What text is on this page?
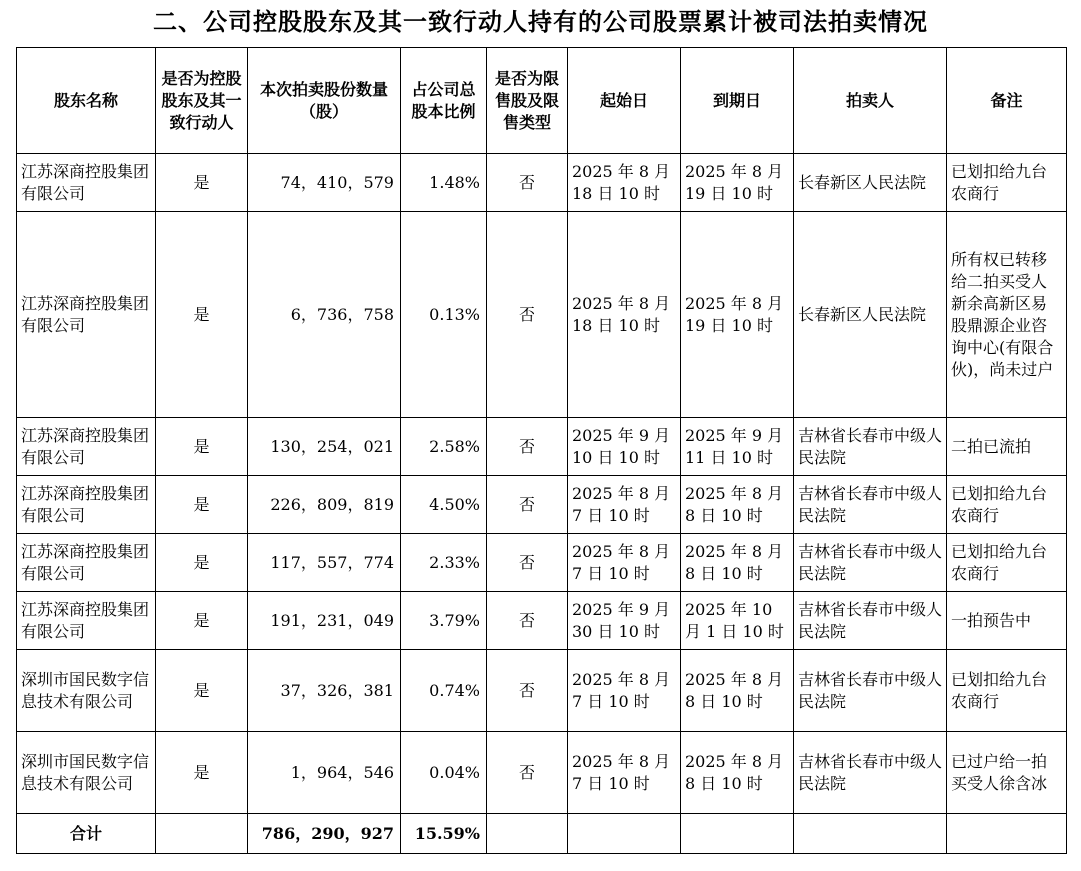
二、公司控股股东及其一致行动人持有的公司股票累计被司法拍卖情况
股东名称	是否为控股股东及其一致行动人	本次拍卖股份数量（股）	占公司总股本比例	是否为限售股及限售类型	起始日	到期日	拍卖人	备注
江苏深商控股集团有限公司	是	74，410，579	1.48%	否	2025 年 8 月 18 日 10 时	2025 年 8 月 19 日 10 时	长春新区人民法院	已划扣给九台农商行
江苏深商控股集团有限公司	是	6，736，758	0.13%	否	2025 年 8 月 18 日 10 时	2025 年 8 月 19 日 10 时	长春新区人民法院	所有权已转移给二拍买受人新余高新区易股鼎源企业咨询中心(有限合伙)，尚未过户
江苏深商控股集团有限公司	是	130，254，021	2.58%	否	2025 年 9 月 10 日 10 时	2025 年 9 月 11 日 10 时	吉林省长春市中级人民法院	二拍已流拍
江苏深商控股集团有限公司	是	226，809，819	4.50%	否	2025 年 8 月 7 日 10 时	2025 年 8 月 8 日 10 时	吉林省长春市中级人民法院	已划扣给九台农商行
江苏深商控股集团有限公司	是	117，557，774	2.33%	否	2025 年 8 月 7 日 10 时	2025 年 8 月 8 日 10 时	吉林省长春市中级人民法院	已划扣给九台农商行
江苏深商控股集团有限公司	是	191，231，049	3.79%	否	2025 年 9 月 30 日 10 时	2025 年 10 月 1 日 10 时	吉林省长春市中级人民法院	一拍预告中
深圳市国民数字信息技术有限公司	是	37，326，381	0.74%	否	2025 年 8 月 7 日 10 时	2025 年 8 月 8 日 10 时	吉林省长春市中级人民法院	已划扣给九台农商行
深圳市国民数字信息技术有限公司	是	1，964，546	0.04%	否	2025 年 8 月 7 日 10 时	2025 年 8 月 8 日 10 时	吉林省长春市中级人民法院	已过户给一拍买受人徐含冰
合计		786，290，927	15.59%					
